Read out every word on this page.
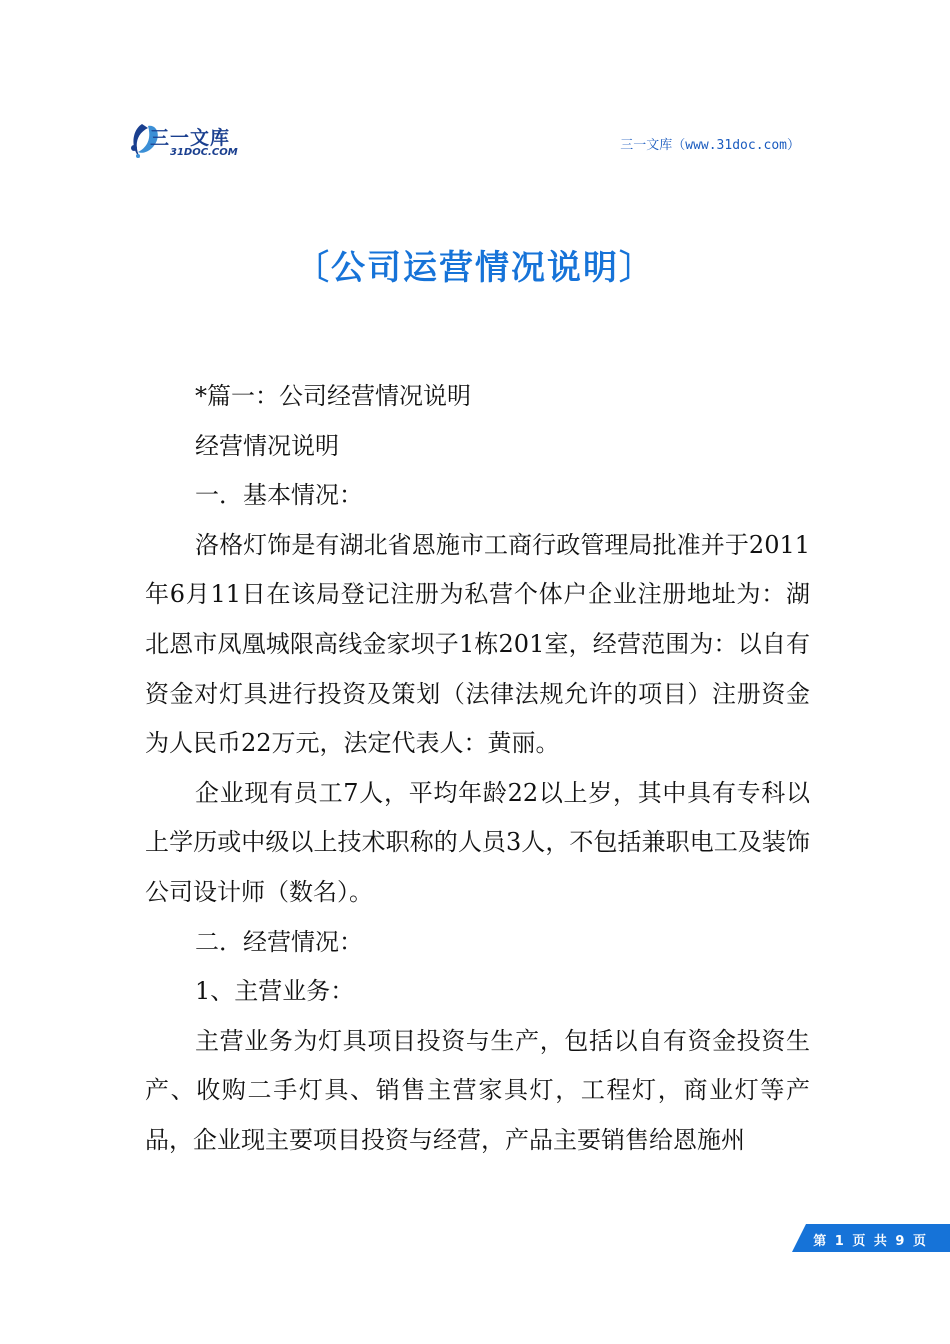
三一文库
31DOC.COM	三一文库（www.31doc.com）
〔公司运营情况说明〕

*篇一：公司经营情况说明

经营情况说明

一．基本情况：

洛格灯饰是有湖北省恩施市工商行政管理局批准并于2011年6月11日在该局登记注册为私营个体户企业注册地址为：湖北恩市凤凰城限高线金家坝子1栋201室，经营范围为：以自有资金对灯具进行投资及策划（法律法规允许的项目）注册资金为人民币22万元，法定代表人：黄丽。

企业现有员工7人，平均年龄22以上岁，其中具有专科以上学历或中级以上技术职称的人员3人，不包括兼职电工及装饰公司设计师（数名）。

二．经营情况：

1、主营业务：

主营业务为灯具项目投资与生产，包括以自有资金投资生产、收购二手灯具、销售主营家具灯，工程灯，商业灯等产品，企业现主要项目投资与经营，产品主要销售给恩施州

第 1 页 共 9 页
